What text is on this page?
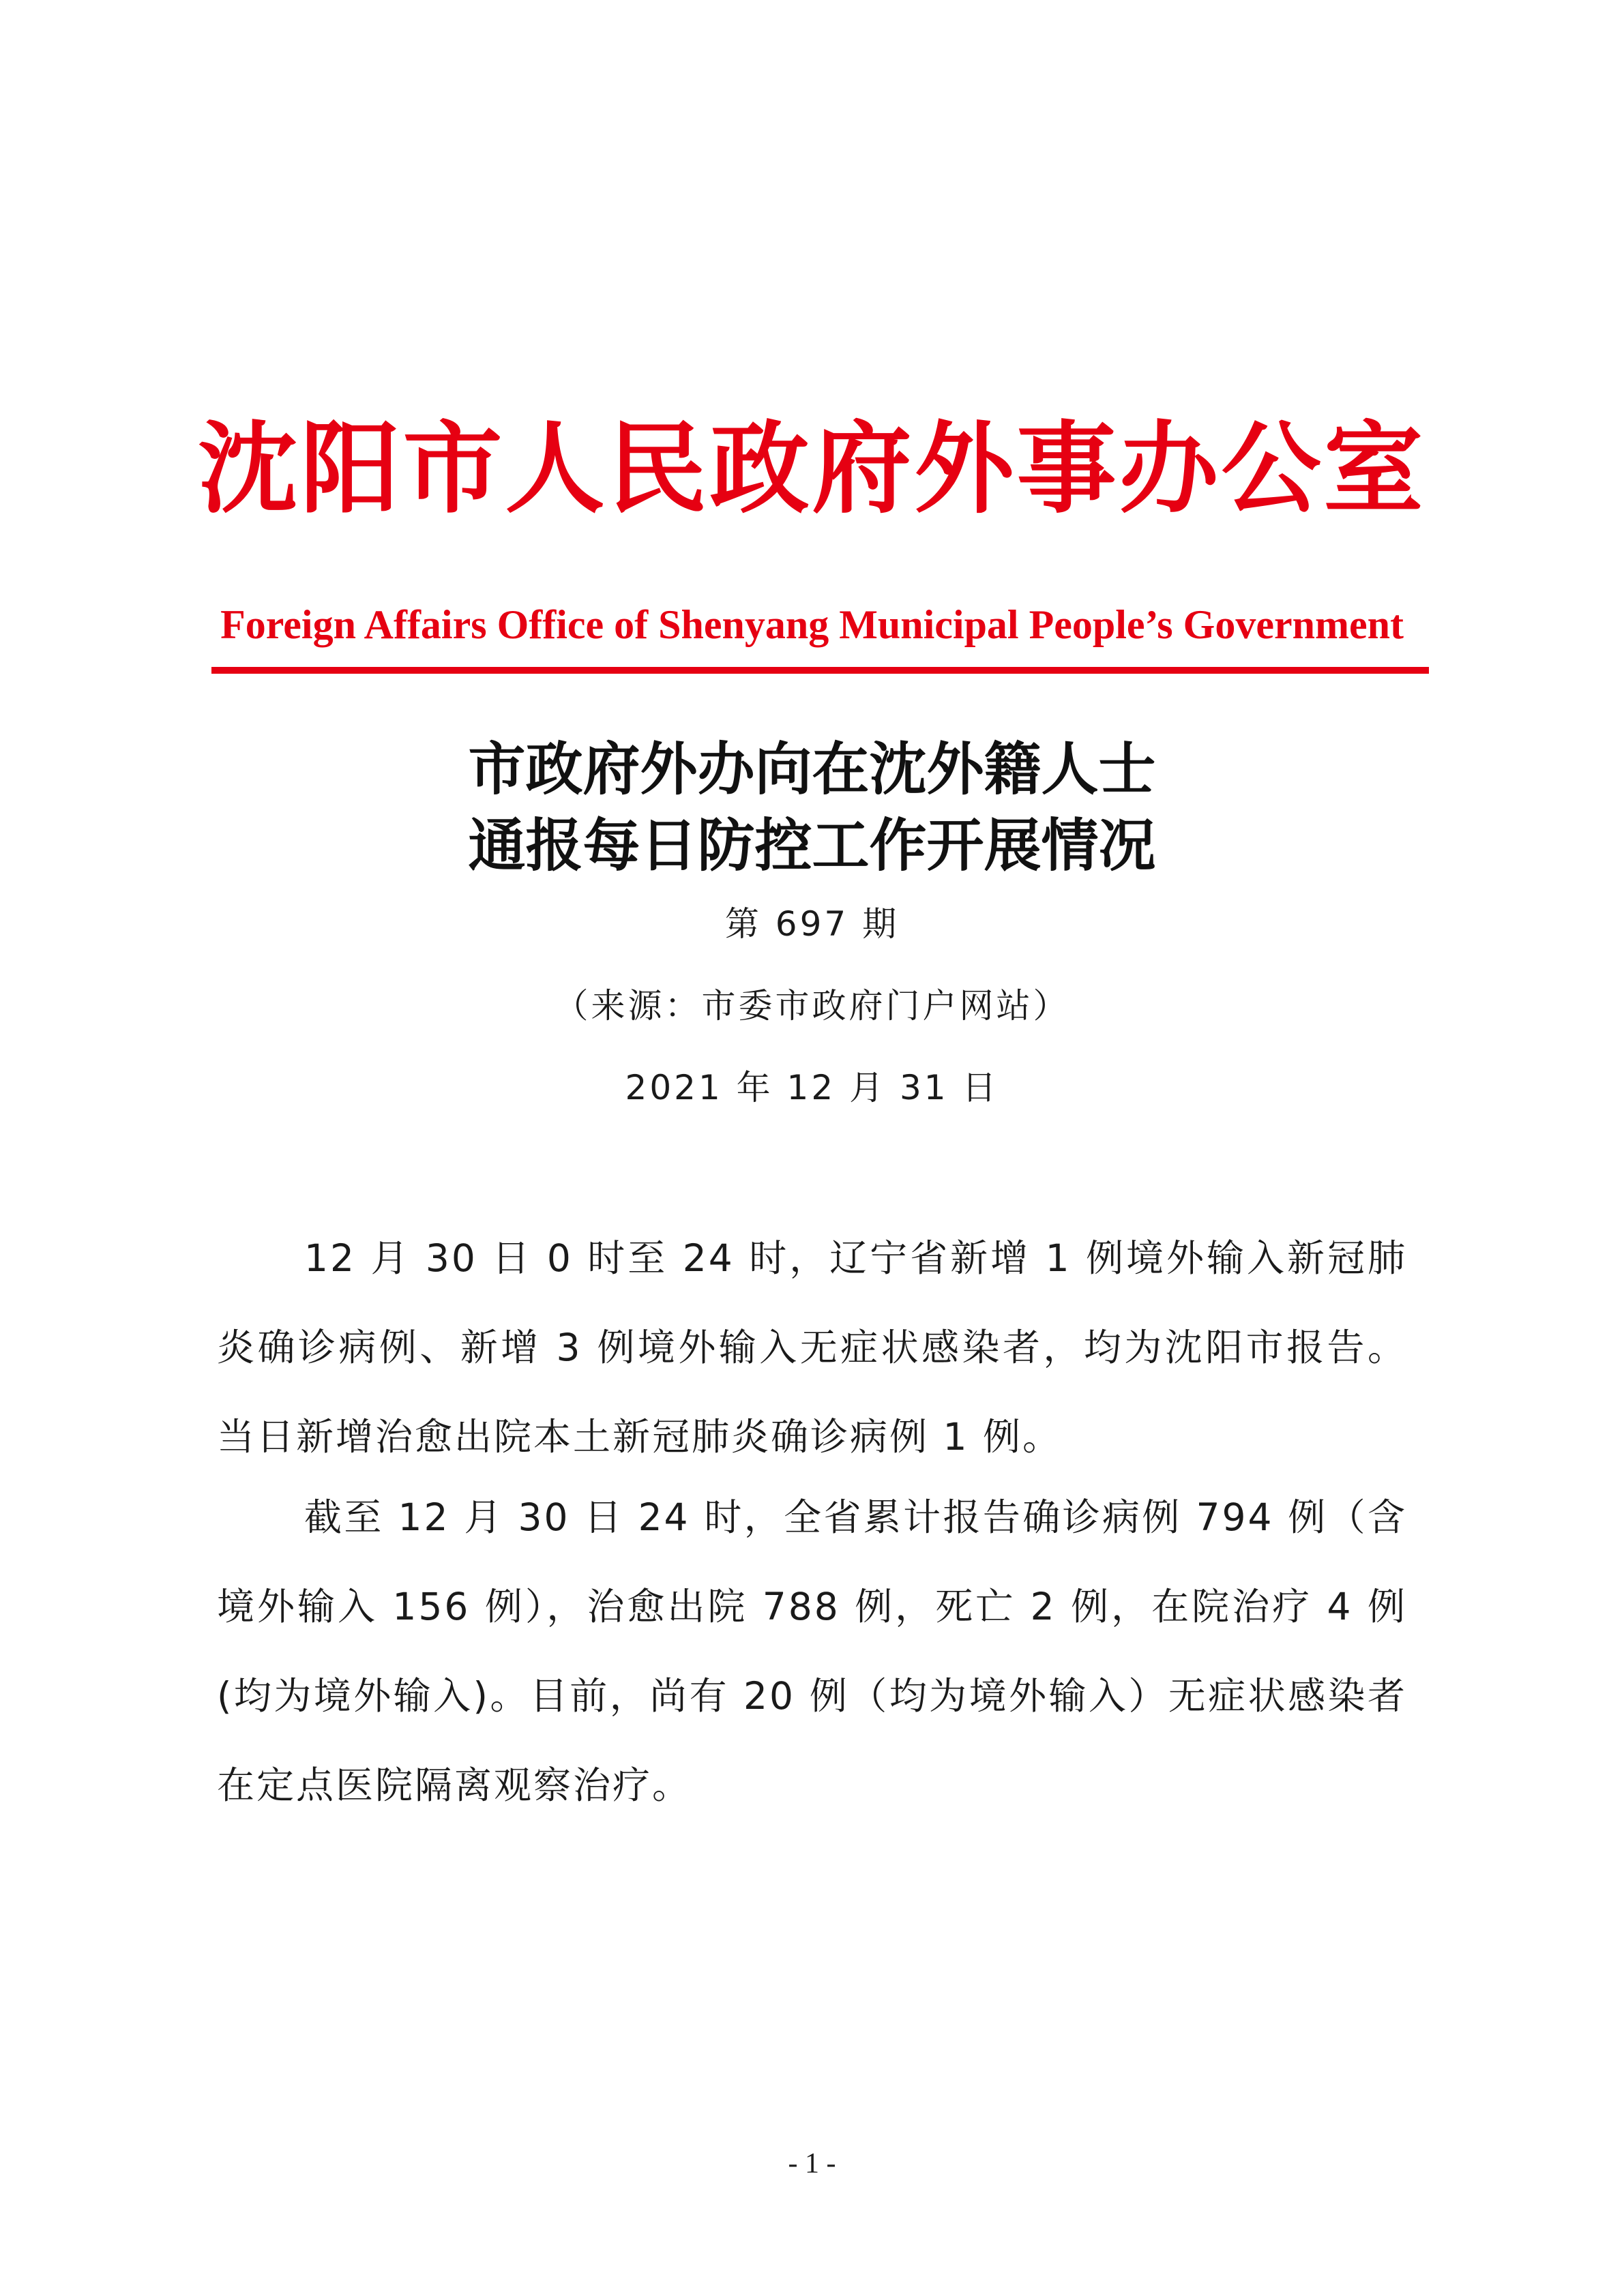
沈阳市人民政府外事办公室
Foreign Affairs Office of Shenyang Municipal People’s Government
市政府外办向在沈外籍人士
通报每日防控工作开展情况
第 697 期
（来源：市委市政府门户网站）
2021 年 12 月 31 日

12 月 30 日 0 时至 24 时，辽宁省新增 1 例境外输入新冠肺炎确诊病例、新增 3 例境外输入无症状感染者，均为沈阳市报告。当日新增治愈出院本土新冠肺炎确诊病例 1 例。

截至 12 月 30 日 24 时，全省累计报告确诊病例 794 例（含境外输入 156 例），治愈出院 788 例，死亡 2 例，在院治疗 4 例(均为境外输入)。目前，尚有 20 例（均为境外输入）无症状感染者在定点医院隔离观察治疗。

- 1 -
